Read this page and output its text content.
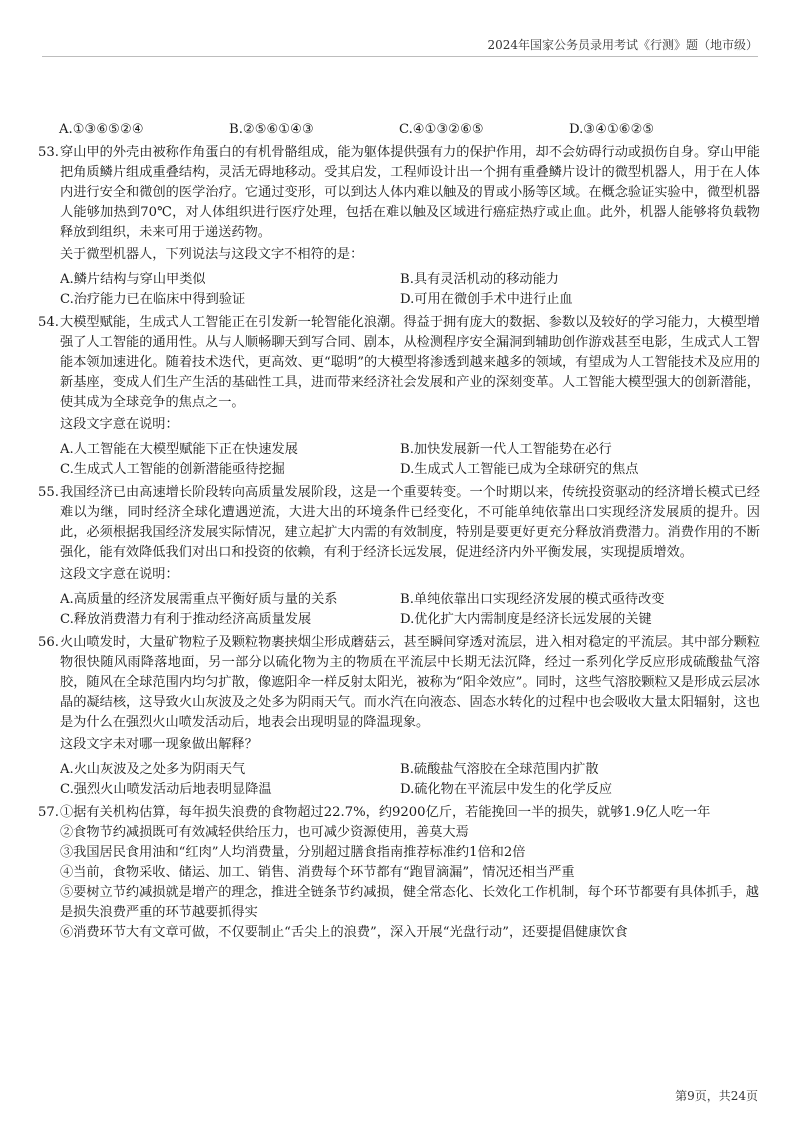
2024年国家公务员录用考试《行测》题（地市级）
A.①③⑥⑤②④	B.②⑤⑥①④③	C.④①③②⑥⑤	D.③④①⑥②⑤
53. 穿山甲的外壳由被称作角蛋白的有机骨骼组成，能为躯体提供强有力的保护作用，却不会妨碍行动或损伤自身。穿山甲能把角质鳞片组成重叠结构，灵活无碍地移动。受其启发，工程师设计出一个拥有重叠鳞片设计的微型机器人，用于在人体内进行安全和微创的医学治疗。它通过变形，可以到达人体内难以触及的胃或小肠等区域。在概念验证实验中，微型机器人能够加热到70℃，对人体组织进行医疗处理，包括在难以触及区域进行癌症热疗或止血。此外，机器人能够将负载物释放到组织，未来可用于递送药物。
关于微型机器人，下列说法与这段文字不相符的是：
A.鳞片结构与穿山甲类似	B.具有灵活机动的移动能力
C.治疗能力已在临床中得到验证	D.可用在微创手术中进行止血
54. 大模型赋能，生成式人工智能正在引发新一轮智能化浪潮。得益于拥有庞大的数据、参数以及较好的学习能力，大模型增强了人工智能的通用性。从与人顺畅聊天到写合同、剧本，从检测程序安全漏洞到辅助创作游戏甚至电影，生成式人工智能本领加速进化。随着技术迭代，更高效、更“聪明”的大模型将渗透到越来越多的领域，有望成为人工智能技术及应用的新基座，变成人们生产生活的基础性工具，进而带来经济社会发展和产业的深刻变革。人工智能大模型强大的创新潜能，使其成为全球竞争的焦点之一。
这段文字意在说明：
A.人工智能在大模型赋能下正在快速发展	B.加快发展新一代人工智能势在必行
C.生成式人工智能的创新潜能亟待挖掘	D.生成式人工智能已成为全球研究的焦点
55. 我国经济已由高速增长阶段转向高质量发展阶段，这是一个重要转变。一个时期以来，传统投资驱动的经济增长模式已经难以为继，同时经济全球化遭遇逆流，大进大出的环境条件已经变化，不可能单纯依靠出口实现经济发展质的提升。因此，必须根据我国经济发展实际情况，建立起扩大内需的有效制度，特别是要更好更充分释放消费潜力。消费作用的不断强化，能有效降低我们对出口和投资的依赖，有利于经济长远发展，促进经济内外平衡发展，实现提质增效。
这段文字意在说明：
A.高质量的经济发展需重点平衡好质与量的关系	B.单纯依靠出口实现经济发展的模式亟待改变
C.释放消费潜力有利于推动经济高质量发展	D.优化扩大内需制度是经济长远发展的关键
56. 火山喷发时，大量矿物粒子及颗粒物裹挟烟尘形成蘑菇云，甚至瞬间穿透对流层，进入相对稳定的平流层。其中部分颗粒物很快随风雨降落地面，另一部分以硫化物为主的物质在平流层中长期无法沉降，经过一系列化学反应形成硫酸盐气溶胶，随风在全球范围内均匀扩散，像遮阳伞一样反射太阳光，被称为“阳伞效应”。同时，这些气溶胶颗粒又是形成云层冰晶的凝结核，这导致火山灰波及之处多为阴雨天气。而水汽在向液态、固态水转化的过程中也会吸收大量太阳辐射，这也是为什么在强烈火山喷发活动后，地表会出现明显的降温现象。
这段文字未对哪一现象做出解释？
A.火山灰波及之处多为阴雨天气	B.硫酸盐气溶胶在全球范围内扩散
C.强烈火山喷发活动后地表明显降温	D.硫化物在平流层中发生的化学反应
57. ①据有关机构估算，每年损失浪费的食物超过22.7%，约9200亿斤，若能挽回一半的损失，就够1.9亿人吃一年
②食物节约减损既可有效减轻供给压力，也可减少资源使用，善莫大焉
③我国居民食用油和“红肉”人均消费量，分别超过膳食指南推荐标准约1倍和2倍
④当前，食物采收、储运、加工、销售、消费每个环节都有“跑冒滴漏”，情况还相当严重
⑤要树立节约减损就是增产的理念，推进全链条节约减损，健全常态化、长效化工作机制，每个环节都要有具体抓手，越是损失浪费严重的环节越要抓得实
⑥消费环节大有文章可做，不仅要制止“舌尖上的浪费”，深入开展“光盘行动”，还要提倡健康饮食
第9页，共24页
